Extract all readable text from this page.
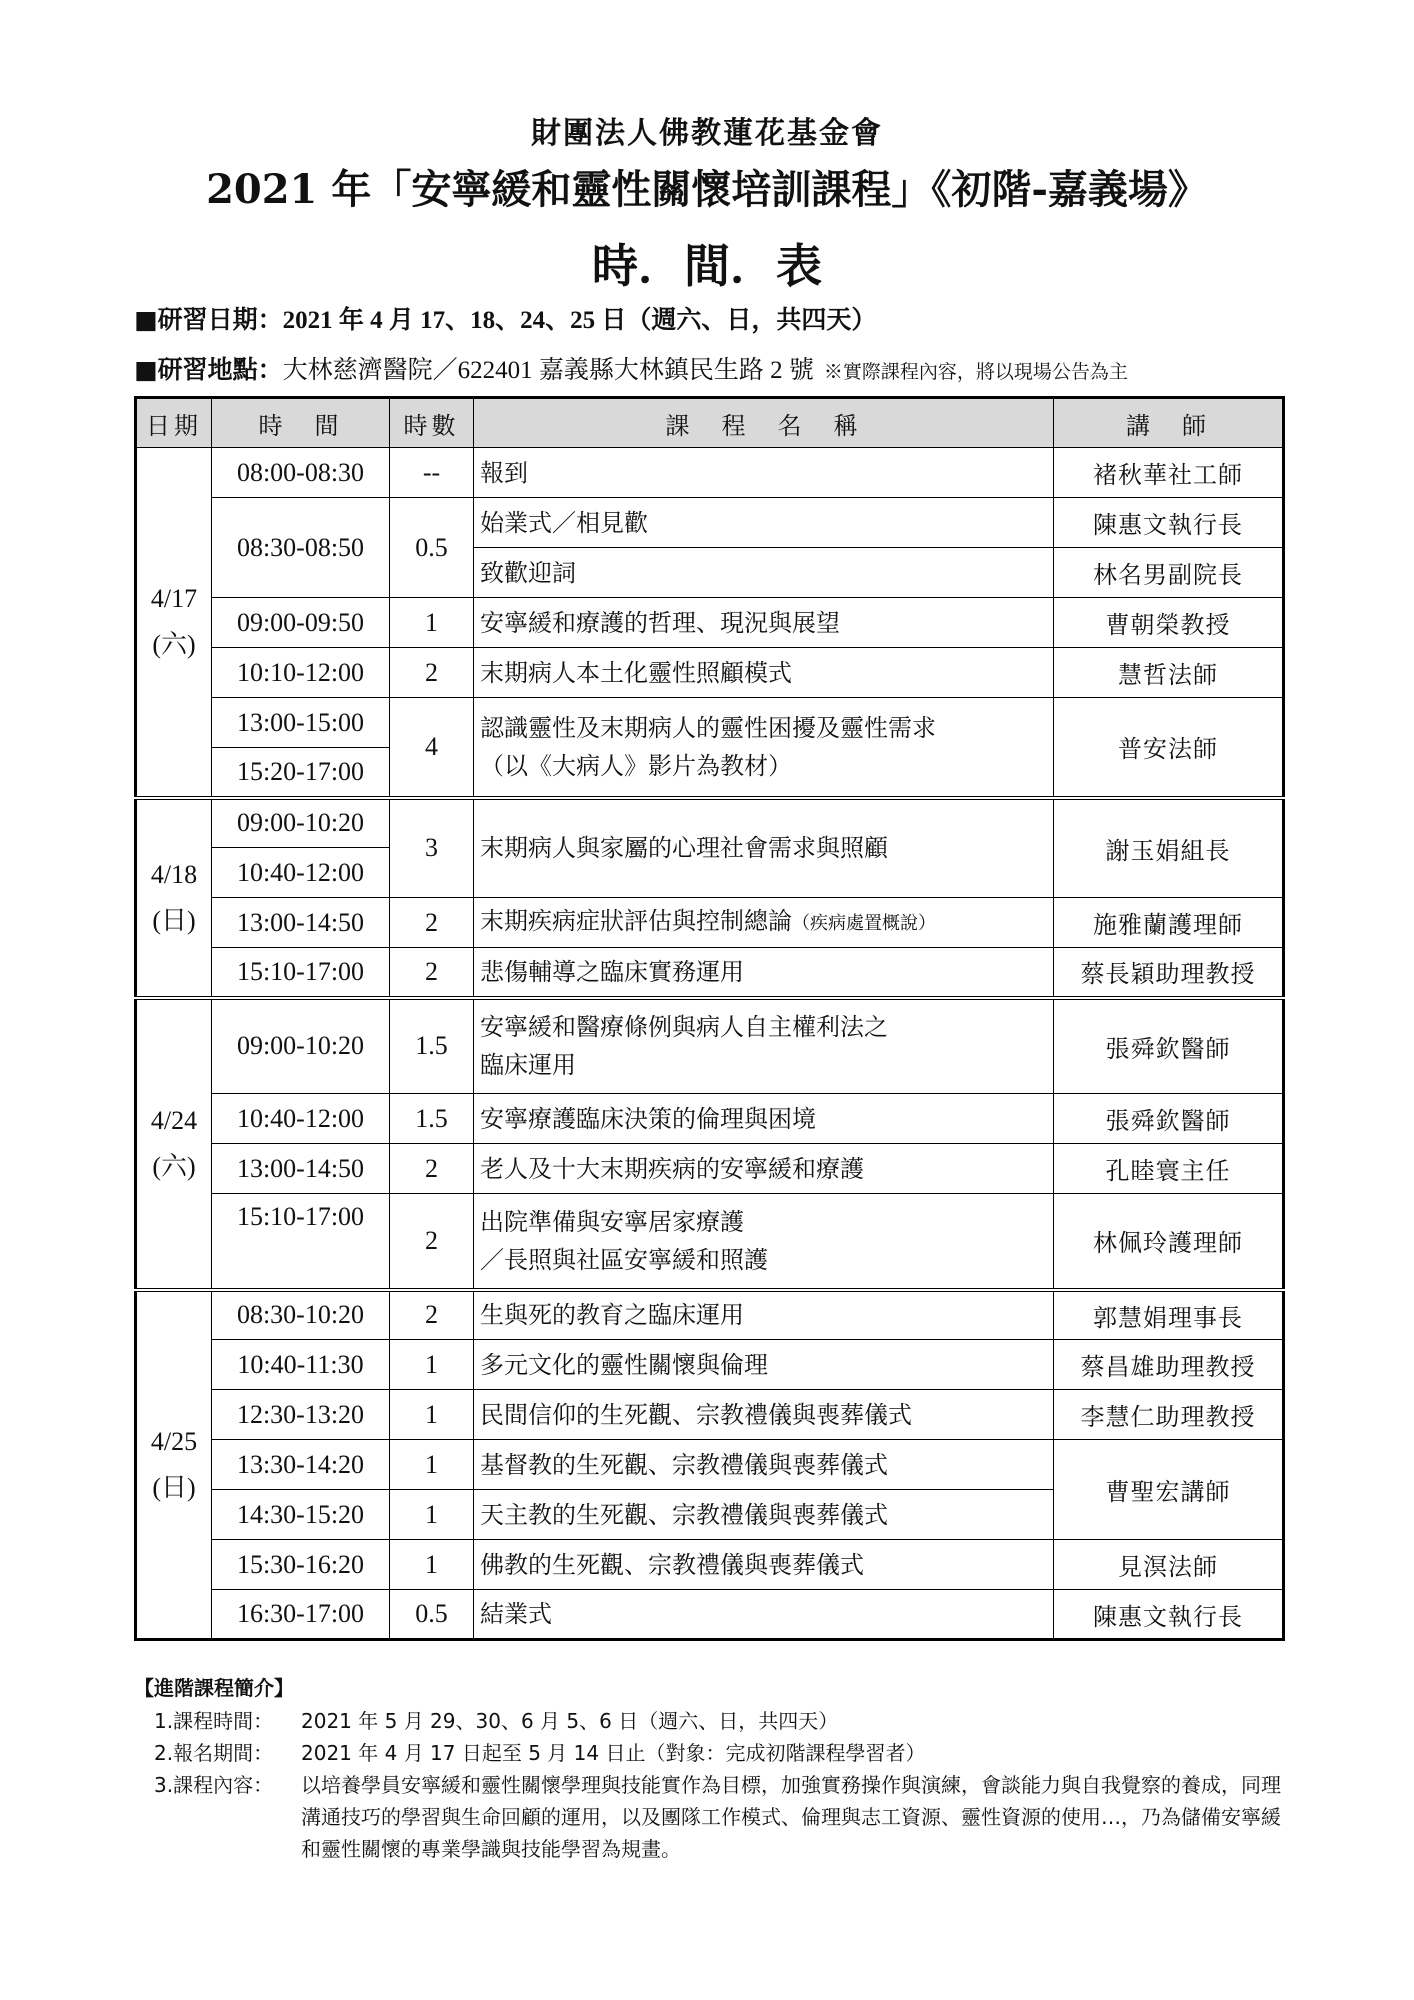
財團法人佛教蓮花基金會
2021 年「安寧緩和靈性關懷培訓課程」《初階-嘉義場》
時．間．表
■研習日期：2021 年 4 月 17、18、24、25 日（週六、日，共四天）
■研習地點：大林慈濟醫院／622401 嘉義縣大林鎮民生路 2 號 ※實際課程內容，將以現場公告為主
日期	時　間	時數	課　程　名　稱	講　師
4/17
(六)	08:00-08:30	--	報到	褚秋華社工師
	08:30-08:50	0.5	始業式／相見歡	陳惠文執行長
			致歡迎詞	林名男副院長
	09:00-09:50	1	安寧緩和療護的哲理、現況與展望	曹朝榮教授
	10:10-12:00	2	末期病人本土化靈性照顧模式	慧哲法師
	13:00-15:00	4	認識靈性及末期病人的靈性困擾及靈性需求
（以《大病人》影片為教材）	普安法師
	15:20-17:00			
4/18
(日)	09:00-10:20	3	末期病人與家屬的心理社會需求與照顧	謝玉娟組長
	10:40-12:00			
	13:00-14:50	2	末期疾病症狀評估與控制總論（疾病處置概說）	施雅蘭護理師
	15:10-17:00	2	悲傷輔導之臨床實務運用	蔡長穎助理教授
4/24
(六)	09:00-10:20	1.5	安寧緩和醫療條例與病人自主權利法之
臨床運用	張舜欽醫師
	10:40-12:00	1.5	安寧療護臨床決策的倫理與困境	張舜欽醫師
	13:00-14:50	2	老人及十大末期疾病的安寧緩和療護	孔睦寰主任
	15:10-17:00	2	出院準備與安寧居家療護
／長照與社區安寧緩和照護	林佩玲護理師
4/25
(日)	08:30-10:20	2	生與死的教育之臨床運用	郭慧娟理事長
	10:40-11:30	1	多元文化的靈性關懷與倫理	蔡昌雄助理教授
	12:30-13:20	1	民間信仰的生死觀、宗教禮儀與喪葬儀式	李慧仁助理教授
	13:30-14:20	1	基督教的生死觀、宗教禮儀與喪葬儀式	曹聖宏講師
	14:30-15:20	1	天主教的生死觀、宗教禮儀與喪葬儀式	
	15:30-16:20	1	佛教的生死觀、宗教禮儀與喪葬儀式	見溟法師
	16:30-17:00	0.5	結業式	陳惠文執行長
【進階課程簡介】
1.課程時間： 2021 年 5 月 29、30、6 月 5、6 日（週六、日，共四天）
2.報名期間： 2021 年 4 月 17 日起至 5 月 14 日止（對象：完成初階課程學習者）
3.課程內容： 以培養學員安寧緩和靈性關懷學理與技能實作為目標，加強實務操作與演練，會談能力與自我覺察的養成，同理溝通技巧的學習與生命回顧的運用，以及團隊工作模式、倫理與志工資源、靈性資源的使用…，乃為儲備安寧緩和靈性關懷的專業學識與技能學習為規畫。
